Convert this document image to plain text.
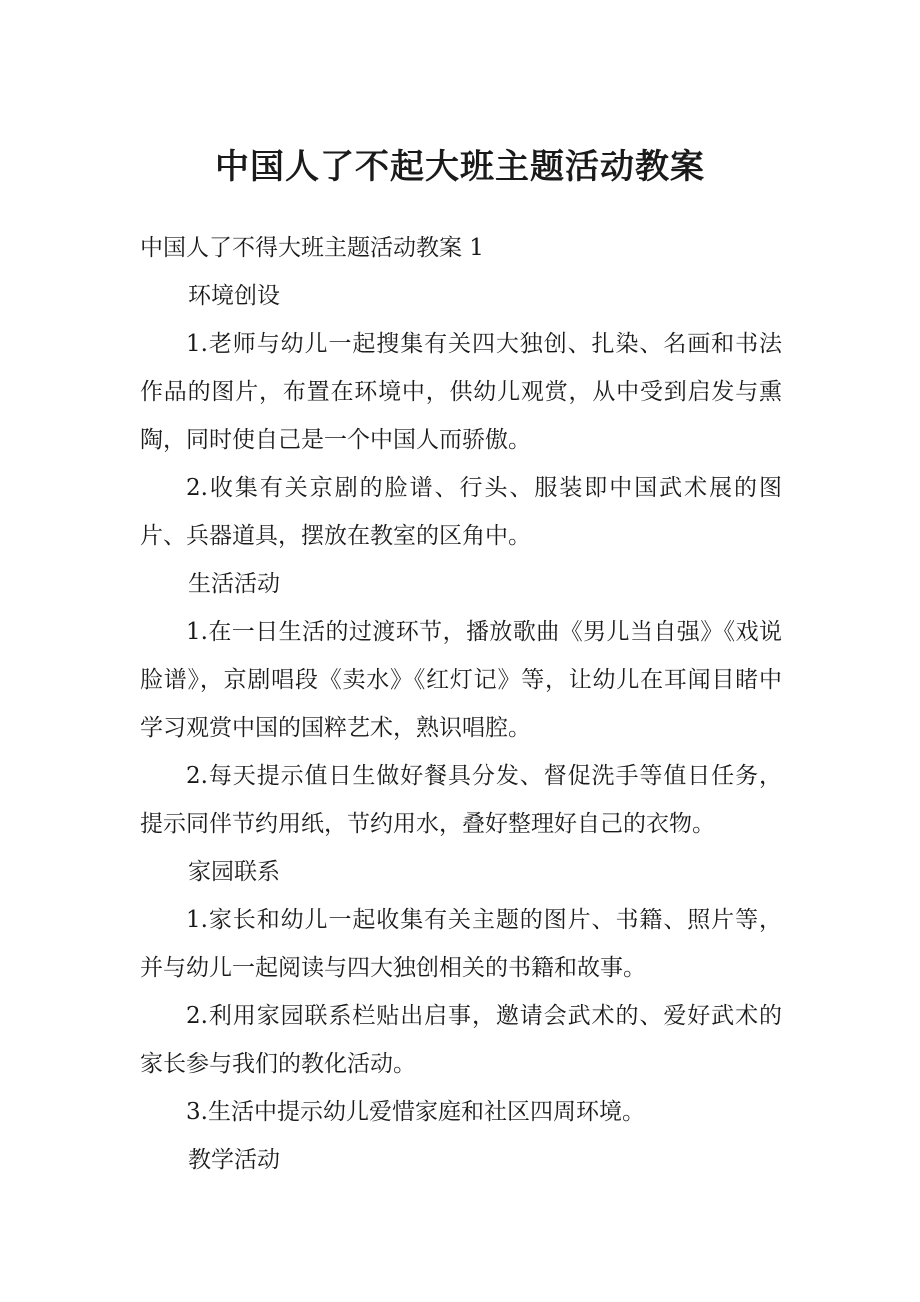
中国人了不起大班主题活动教案

中国人了不得大班主题活动教案 1

环境创设

1.老师与幼儿一起搜集有关四大独创、扎染、名画和书法作品的图片，布置在环境中，供幼儿观赏，从中受到启发与熏陶，同时使自己是一个中国人而骄傲。

2.收集有关京剧的脸谱、行头、服装即中国武术展的图片、兵器道具，摆放在教室的区角中。

生活活动

1.在一日生活的过渡环节，播放歌曲《男儿当自强》《戏说脸谱》，京剧唱段《卖水》《红灯记》等，让幼儿在耳闻目睹中学习观赏中国的国粹艺术，熟识唱腔。

2.每天提示值日生做好餐具分发、督促洗手等值日任务，提示同伴节约用纸，节约用水，叠好整理好自己的衣物。

家园联系

1.家长和幼儿一起收集有关主题的图片、书籍、照片等，并与幼儿一起阅读与四大独创相关的书籍和故事。

2.利用家园联系栏贴出启事，邀请会武术的、爱好武术的家长参与我们的教化活动。

3.生活中提示幼儿爱惜家庭和社区四周环境。

教学活动
